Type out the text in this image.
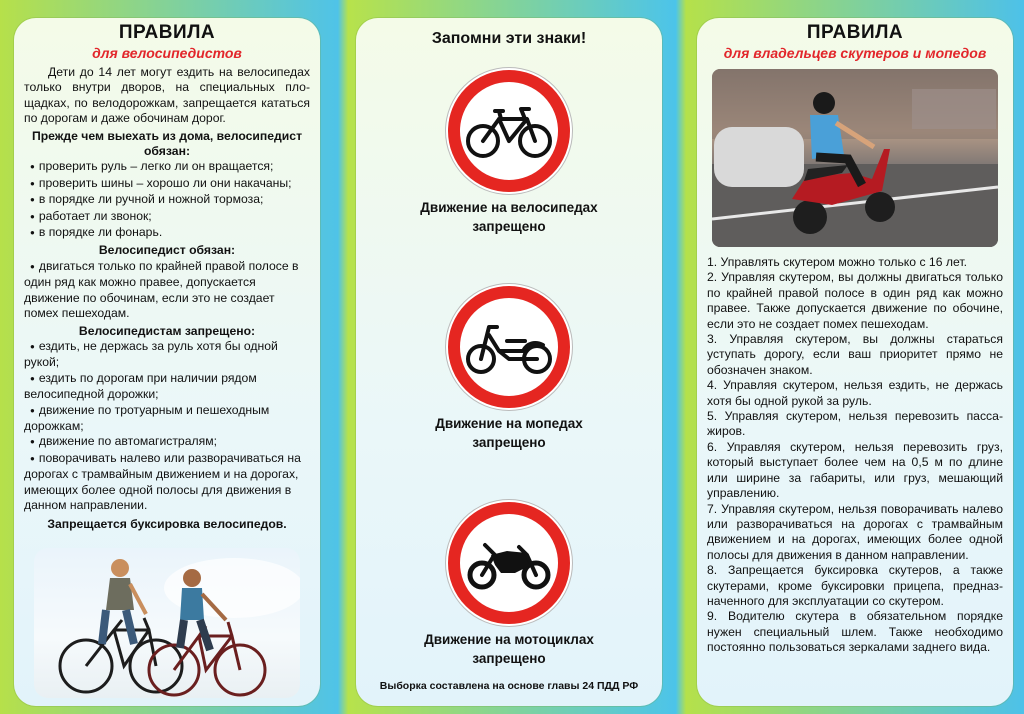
ПРАВИЛА
для велосипедистов
Дети до 14 лет могут ездить на велосипедах только внутри дворов, на специальных площадках, по велодорожкам, запрещается кататься по дорогам и даже обочинам дорог.
Прежде чем выехать из дома, велосипедист обязан:
● проверить руль – легко ли он вращается;
● проверить шины – хорошо ли они накачаны;
● в порядке ли ручной и ножной тормоза;
● работает ли звонок;
● в порядке ли фонарь.
Велосипедист обязан:
● двигаться только по крайней правой полосе в один ряд как можно правее, допускается движение по обочинам, если это не создает помех пешеходам.
Велосипедистам запрещено:
● ездить, не держась за руль хотя бы одной рукой;
● ездить по дорогам при наличии рядом велосипедной дорожки;
● движение по тротуарным и пешеходным дорожкам;
● движение по автомагистралям;
● поворачивать налево или разворачиваться на дорогах с трамвайным движением и на дорогах, имеющих более одной полосы для движения в данном направлении.
Запрещается буксировка велосипедов.
Запомни эти знаки!
Движение на велосипедах
запрещено
Движение на мопедах
запрещено
Движение на мотоциклах
запрещено
Выборка составлена на основе главы 24 ПДД РФ
ПРАВИЛА
для владельцев скутеров и мопедов

1. Управлять скутером можно только с 16 лет.

2. Управляя скутером, вы должны двигаться только по крайней правой полосе в один ряд как можно правее. Также допускается движение по обочине, если это не создает помех пешеходам.

3. Управляя скутером, вы должны стараться уступать дорогу, если ваш приоритет прямо не обозначен знаком.

4. Управляя скутером, нельзя ездить, не держась хотя бы одной рукой за руль.

5. Управляя скутером, нельзя перевозить пассажиров.

6. Управляя скутером, нельзя перевозить груз, который выступает более чем на 0,5 м по длине или ширине за габариты, или груз, мешающий управлению.

7. Управляя скутером, нельзя поворачивать налево или разворачиваться на дорогах с трамвайным движением и на дорогах, имеющих более одной полосы для движения в данном направлении.

8. Запрещается буксировка скутеров, а также скутерами, кроме буксировки прицепа, предназначенного для эксплуатации со скутером.

9. Водителю скутера в обязательном порядке нужен специальный шлем. Также необходимо постоянно пользоваться зеркалами заднего вида.
